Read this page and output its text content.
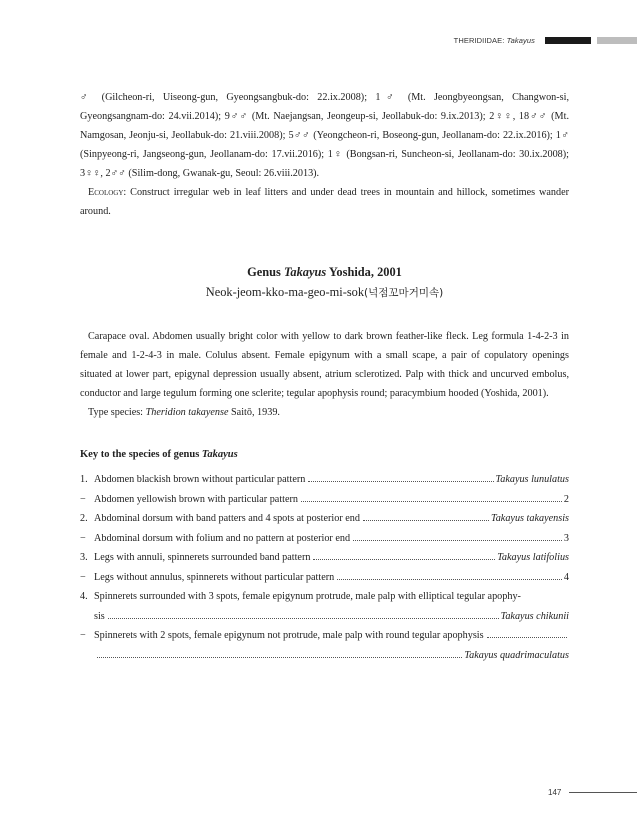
THERIDIIDAE: Takayus

♂ (Gilcheon-ri, Uiseong-gun, Gyeongsangbuk-do: 22.ix.2008); 1♂ (Mt. Jeongbyeongsan, Changwon-si, Gyeongsangnam-do: 24.vii.2014); 9♂♂ (Mt. Naejangsan, Jeongeup-si, Jeollabuk-do: 9.ix.2013); 2♀♀, 18♂♂ (Mt. Namgosan, Jeonju-si, Jeollabuk-do: 21.viii.2008); 5♂♂ (Yeongcheon-ri, Boseong-gun, Jeollanam-do: 22.ix.2016); 1♂ (Sinpyeong-ri, Jangseong-gun, Jeollanam-do: 17.vii.2016); 1♀ (Bongsan-ri, Suncheon-si, Jeollanam-do: 30.ix.2008); 3♀♀, 2♂♂ (Silim-dong, Gwanak-gu, Seoul: 26.viii.2013).

Ecology: Construct irregular web in leaf litters and under dead trees in mountain and hillock, sometimes wander around.

Genus Takayus Yoshida, 2001
Neok-jeom-kko-ma-geo-mi-sok(넉점꼬마거미속)

Carapace oval. Abdomen usually bright color with yellow to dark brown feather-like fleck. Leg formula 1-4-2-3 in female and 1-2-4-3 in male. Colulus absent. Female epigynum with a small scape, a pair of copulatory openings situated at lower part, epigynal depression usually absent, atrium sclerotized. Palp with thick and uncurved embolus, conductor and large tegulum forming one sclerite; tegular apophysis round; paracymbium hooded (Yoshida, 2001).

Type species: Theridion takayense Saitō, 1939.

Key to the species of genus Takayus
1. Abdomen blackish brown without particular pattern	Takayus lunulatus
− Abdomen yellowish brown with particular pattern	2
2. Abdominal dorsum with band patters and 4 spots at posterior end	Takayus takayensis
− Abdominal dorsum with folium and no pattern at posterior end	3
3. Legs with annuli, spinnerets surrounded band pattern	Takayus latifolius
− Legs without annulus, spinnerets without particular pattern	4
4. Spinnerets surrounded with 3 spots, female epigynum protrude, male palp with elliptical tegular apophy-
sis	Takayus chikunii
− Spinnerets with 2 spots, female epigynum not protrude, male palp with round tegular apophysis
Takayus quadrimaculatus
147
